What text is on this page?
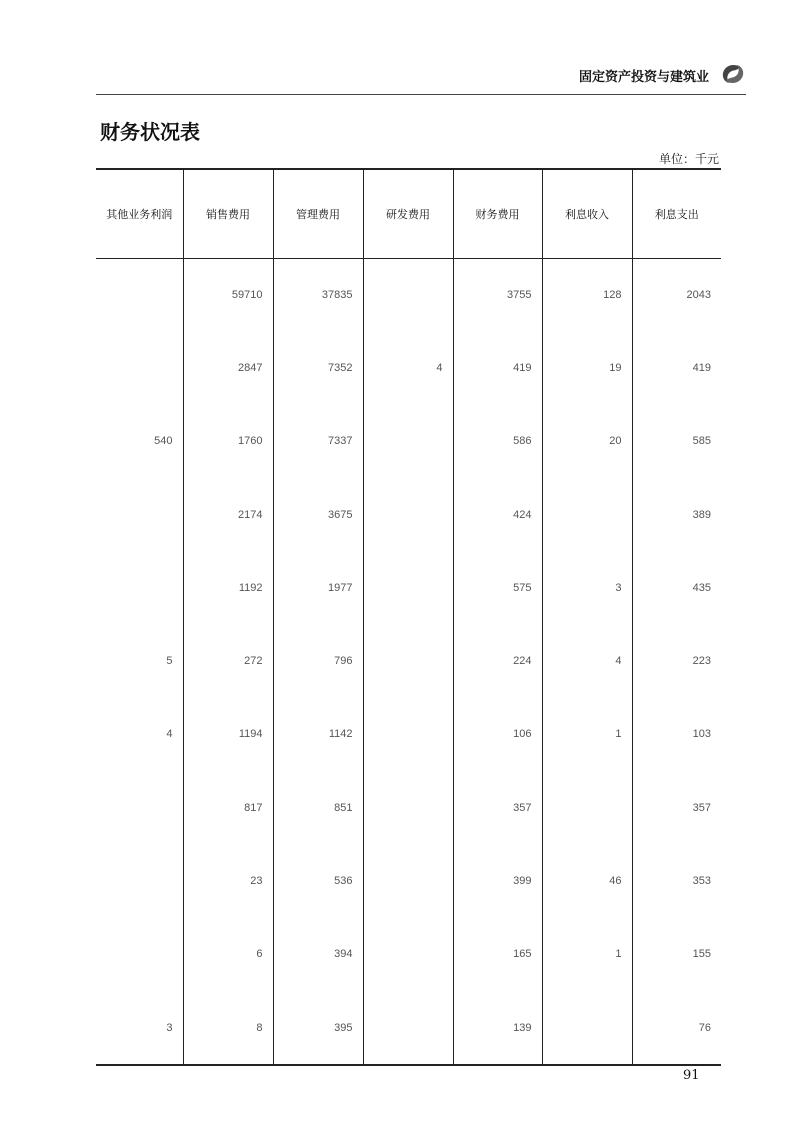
固定资产投资与建筑业
财务状况表
单位：千元
其他业务利润	销售费用	管理费用	研发费用	财务费用	利息收入	利息支出
	59710	37835		3755	128	2043
	2847	7352	4	419	19	419
540	1760	7337		586	20	585
	2174	3675		424		389
	1192	1977		575	3	435
5	272	796		224	4	223
4	1194	1142		106	1	103
	817	851		357		357
	23	536		399	46	353
	6	394		165	1	155
3	8	395		139		76
91
